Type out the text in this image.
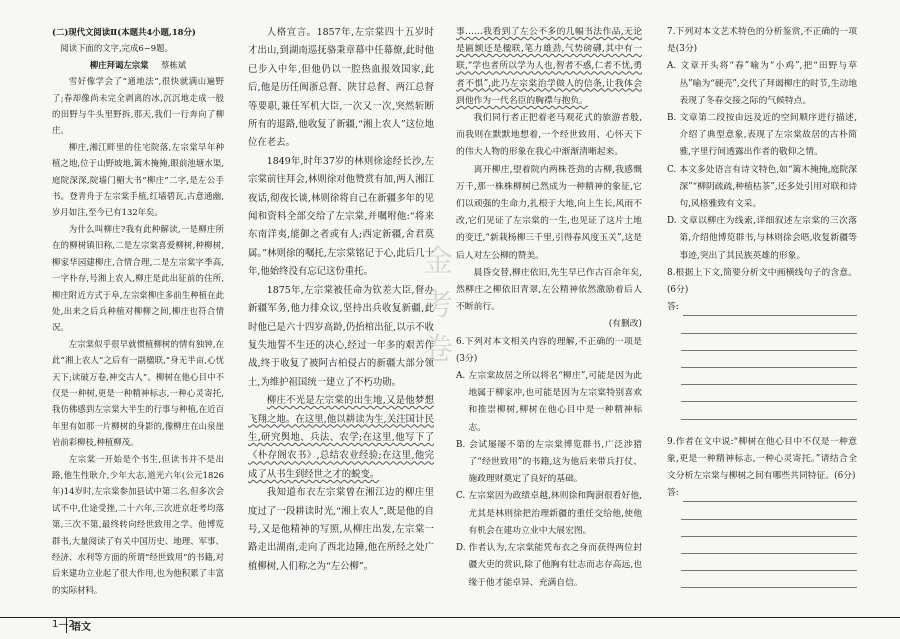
(二)现代文阅读Ⅱ(本题共4小题,18分)

阅读下面的文字,完成6~9题。

柳庄拜谒左宗棠 蔡栋斌

雪好像学会了“通地法”,很快就满山遍野了;春却像尚未完全剥离的冰,沉沉地走成一般的田野与牛头里野拆,那天,我们一行奔向了柳庄。

柳庄,湘江畔里的住宅院落,左宗棠早年种植之地,位于山野坡地,篱木掩掩,眼前池塘水渠,庭院深深,院墙门楣大书“柳庄”二字,是左公手书。登青舟于左宗棠手植,红墙碧瓦,古意通幽,岁月如注,至今已有132年矣。

为什么叫柳庄?我有此种解读,一是柳庄所在的柳树镇旧称,二是左宗棠喜爱柳树,种柳树,柳家华园建柳庄,合情合理,二是左宗棠字季高,一字朴存,号湘上农人,柳庄是此出征前的住所,柳庄附近方式于阜,左宗棠柳庄多前生种植在此处,出来之后兵种植对柳柳之间,柳庄也符合情况。

左宗棠似乎很早就惯植柳树的情有独钟,在此“湘上农人”之后有一副楹联,“身无半亩,心忧天下;读破万卷,神交古人”。柳树在他心目中不仅是一种树,更是一种精神标志,一种心灵寄托,我仿佛感到左宗棠大半生的行事与种植,在近百年里有如那一片柳树的身影的,像柳庄在山泉崖岩前彩柳枝,种植柳茂。

左宗棠一开始是个书生,但读书并不是出路,他生性耿介,少年大志,道光六年(公元1826年)14岁时,左宗棠参加县试中第二名,但多次会试不中,仕途受挫,二十六年,三次进京赶考均落第,三次不第,最终转向经世致用之学。他博览群书,大量阅读了有关中国历史、地理、军事、经济、水利等方面的所谓“经世致用”的书籍,对后来建功立业起了很大作用,也为他积累了丰富的实际材料。

人格宣言。1857年,左宗棠四十五岁时才出山,到湖南巡抚骆秉章幕中任幕僚,此时他已步入中年,但他仍以一腔热血报效国家,此后,他是历任闽浙总督、陕甘总督、两江总督等要职,兼任军机大臣,一次又一次,突然斩断所有的退路,他收复了新疆,“湘上农人”这位地位在老去。

1849年,时年37岁的林则徐途经长沙,左宗棠前往拜会,林则徐对他赞赏有加,两人湘江夜话,彻夜长谈,林则徐将自己在新疆多年的见闻和资料全部交给了左宗棠,并嘱咐他:“将来东南洋夷,能御之者或有人;西定新疆,舍君莫属。”林则徐的嘱托,左宗棠铭记于心,此后几十年,他始终没有忘记这份重托。

1875年,左宗棠被任命为钦差大臣,督办新疆军务,他力排众议,坚持出兵收复新疆,此时他已是六十四岁高龄,仍抬棺出征,以示不收复失地誓不生还的决心,经过一年多的艰苦作战,终于收复了被阿古柏侵占的新疆大部分领土,为维护祖国统一建立了不朽功勋。

柳庄不光是左宗棠的出生地,又是他梦想飞翔之地。在这里,他以耕读为生,关注国计民生,研究舆地、兵法、农学;在这里,他写下了《朴存阁农书》,总结农业经验;在这里,他完成了从书生到经世之才的蜕变。

我知道布衣左宗棠曾在湘江边的柳庄里度过了一段耕读时光,“湘上农人”,既是他的自号,又是他精神的写照,从柳庄出发,左宗棠一路走出湖南,走向了西北边陲,他在所经之处广植柳树,人们称之为“左公柳”。

事……我看到了左公不多的几幅书法作品,无论是匾额还是楹联,笔力雄劲,气势磅礴,其中有一联,“学也者所以学为人也,智者不惑,仁者不忧,勇者不惧”,此乃左宗棠治学做人的信条,让我体会到他作为一代名臣的胸襟与抱负。

我们同行者正把着老马观花式的旅游者般,而我则在默默地想着,一个经世致用、心怀天下的伟大人物的形象在我心中渐渐清晰起来。

离开柳庄,望着院内两株苍劲的古柳,我感慨万千,那一株株柳树已然成为一种精神的象征,它们以顽强的生命力,扎根于大地,向上生长,风雨不改,它们见证了左宗棠的一生,也见证了这片土地的变迁,“新栽杨柳三千里,引得春风度玉关”,这是后人对左公柳的赞美。

晨昏交替,柳庄依旧,先生早已作古百余年矣,然柳庄之柳依旧青翠,左公精神依然激励着后人不断前行。

(有删改)

6.下列对本文相关内容的理解,不正确的一项是(3分)

A. 左宗棠故居之所以将名“柳庄”,可能是因为此地属于柳家冲,也可能是因为左宗棠特别喜欢和推崇柳树,柳树在他心目中是一种精神标志。

B. 会试屡屡不第的左宗棠博览群书,广泛涉猎了“经世致用”的书籍,这为他后来带兵打仗、施政理财奠定了良好的基础。

C. 左宗棠因为政绩卓越,林则徐和陶澍很看好他,尤其是林则徐把治理新疆的重任交给他,使他有机会在建功立业中大展宏图。

D. 作者认为,左宗棠能凭布衣之身而获得两位封疆大吏的赏识,除了他胸有壮志而志存高远,也缘于他才能卓异、充满自信。

7.下列对本文艺术特色的分析鉴赏,不正确的一项是(3分)

A. 文章开头将“春”喻为“小鸡”,把“田野与草丛”喻为“硬壳”,交代了拜谒柳庄的时节,生动地表现了冬春交接之际的气候特点。

B. 文章第二段按由远及近的空间顺序进行描述,介绍了典型意象,表现了左宗棠故居的古朴简雅,字里行间透露出作者的敬仰之情。

C. 本文多处语言有诗文特色,如“篱木掩掩,庭院深深”“柳阴疏疏,种植枯茶”,还多处引用对联和诗句,风格雅致有文采。

D. 文章以柳庄为线索,详细叙述左宗棠的三次落第,介绍他博览群书,与林则徐会晤,收复新疆等事迹,突出了其民族英雄的形象。

8.根据上下文,简要分析文中画横线句子的含意。(6分)

答:

9.作者在文中说:“柳树在他心目中不仅是一种意象,更是一种精神标志,一种心灵寄托。”请结合全文分析左宗棠与柳树之间有哪些共同特征。(6分)

答:
金 考 卷
1—2
语文
